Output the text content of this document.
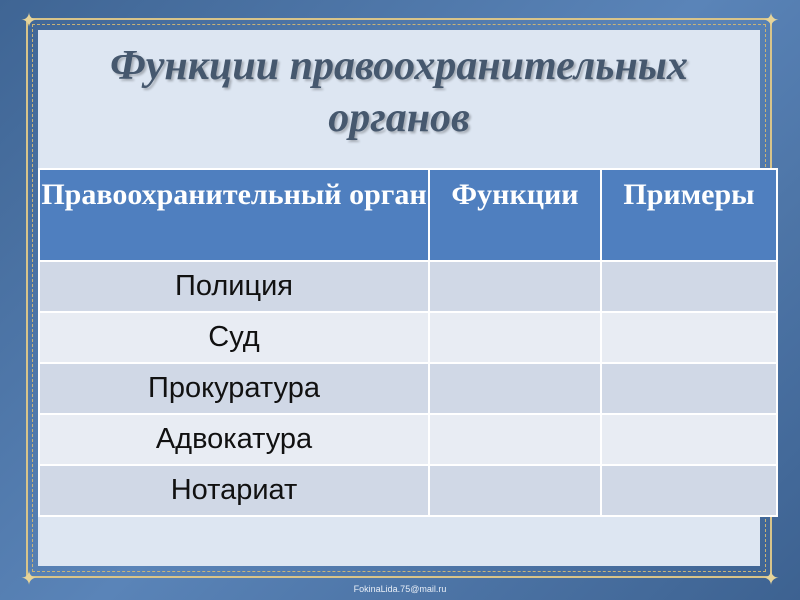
✦	✦
✦	✦
Функции правоохранительных
органов
Правоохранительный орган	Функции	Примеры
Полиция		
Суд		
Прокуратура		
Адвокатура		
Нотариат		
FokinaLida.75@mail.ru
